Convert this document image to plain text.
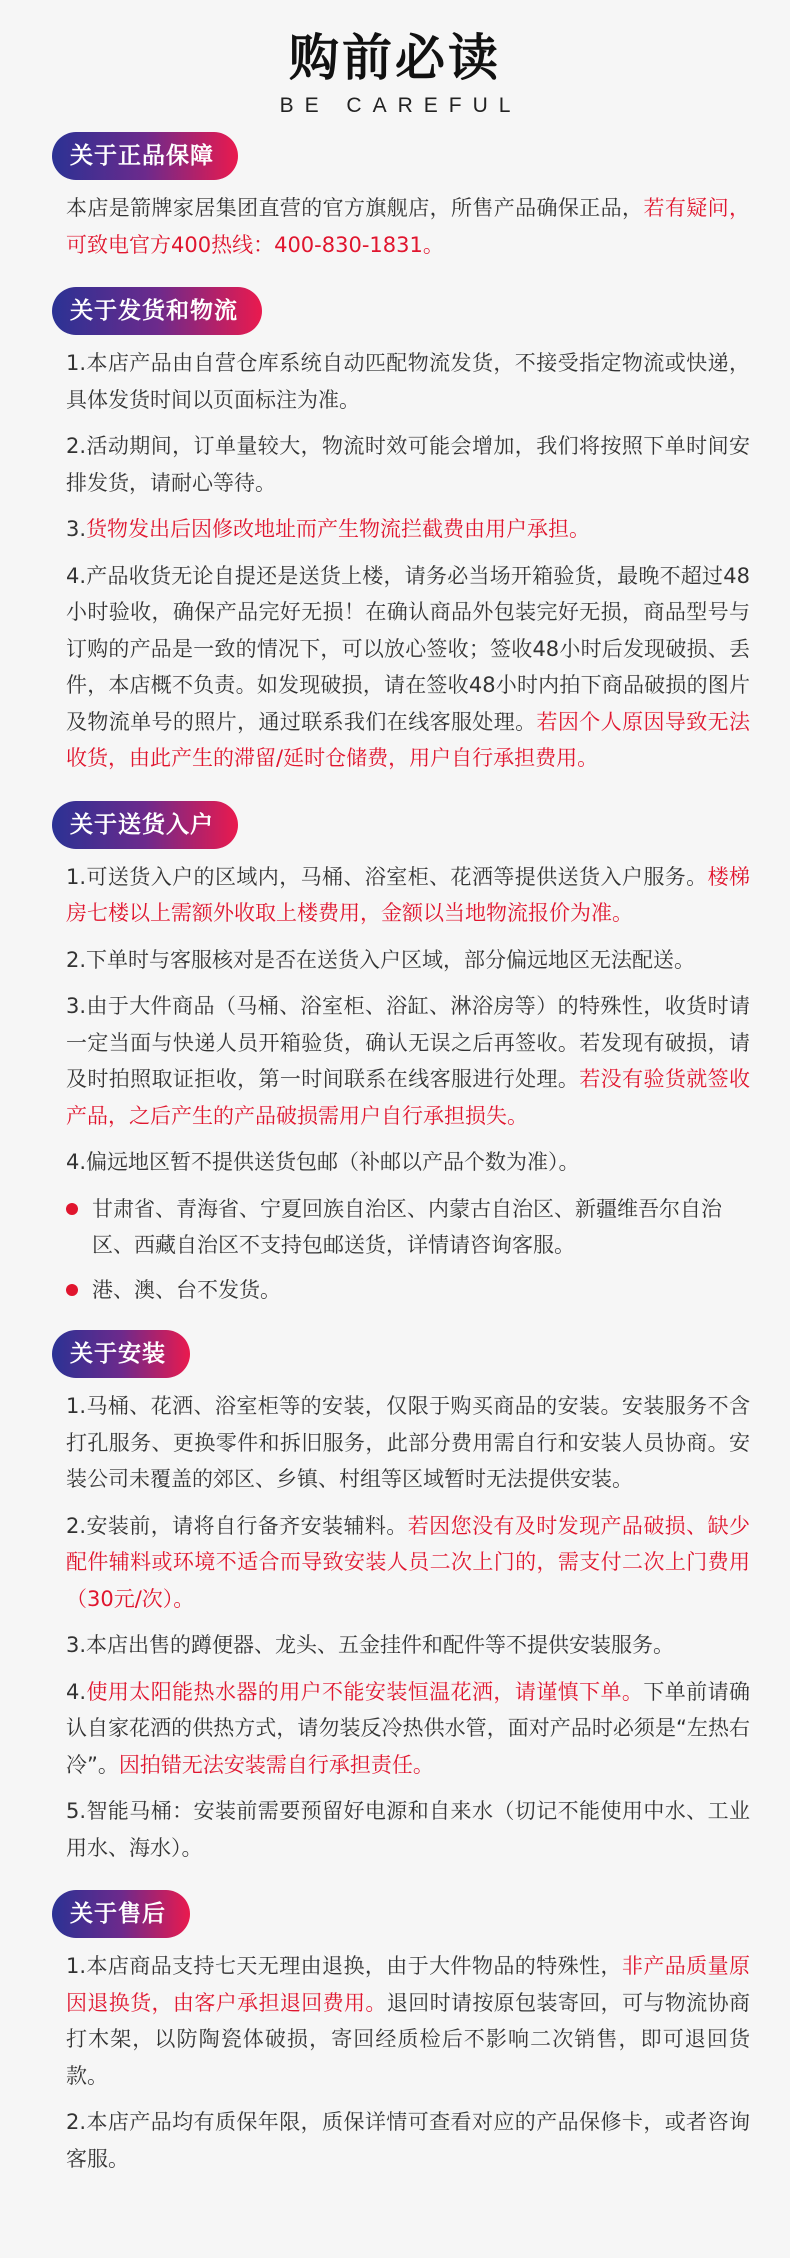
购前必读
BE CAREFUL
关于正品保障
本店是箭牌家居集团直营的官方旗舰店，所售产品确保正品，若有疑问，可致电官方400热线：400-830-1831。
关于发货和物流
1.本店产品由自营仓库系统自动匹配物流发货，不接受指定物流或快递，具体发货时间以页面标注为准。
2.活动期间，订单量较大，物流时效可能会增加，我们将按照下单时间安排发货，请耐心等待。
3.货物发出后因修改地址而产生物流拦截费由用户承担。
4.产品收货无论自提还是送货上楼，请务必当场开箱验货，最晚不超过48小时验收，确保产品完好无损！在确认商品外包装完好无损，商品型号与订购的产品是一致的情况下，可以放心签收；签收48小时后发现破损、丢件，本店概不负责。如发现破损，请在签收48小时内拍下商品破损的图片及物流单号的照片，通过联系我们在线客服处理。若因个人原因导致无法收货，由此产生的滞留/延时仓储费，用户自行承担费用。
关于送货入户
1.可送货入户的区域内，马桶、浴室柜、花洒等提供送货入户服务。楼梯房七楼以上需额外收取上楼费用，金额以当地物流报价为准。
2.下单时与客服核对是否在送货入户区域，部分偏远地区无法配送。
3.由于大件商品（马桶、浴室柜、浴缸、淋浴房等）的特殊性，收货时请一定当面与快递人员开箱验货，确认无误之后再签收。若发现有破损，请及时拍照取证拒收，第一时间联系在线客服进行处理。若没有验货就签收产品，之后产生的产品破损需用户自行承担损失。
4.偏远地区暂不提供送货包邮（补邮以产品个数为准）。
甘肃省、青海省、宁夏回族自治区、内蒙古自治区、新疆维吾尔自治区、西藏自治区不支持包邮送货，详情请咨询客服。
港、澳、台不发货。
关于安装
1.马桶、花洒、浴室柜等的安装，仅限于购买商品的安装。安装服务不含打孔服务、更换零件和拆旧服务，此部分费用需自行和安装人员协商。安装公司未覆盖的郊区、乡镇、村组等区域暂时无法提供安装。
2.安装前，请将自行备齐安装辅料。若因您没有及时发现产品破损、缺少配件辅料或环境不适合而导致安装人员二次上门的，需支付二次上门费用（30元/次）。
3.本店出售的蹲便器、龙头、五金挂件和配件等不提供安装服务。
4.使用太阳能热水器的用户不能安装恒温花洒，请谨慎下单。下单前请确认自家花洒的供热方式，请勿装反冷热供水管，面对产品时必须是“左热右冷”。因拍错无法安装需自行承担责任。
5.智能马桶：安装前需要预留好电源和自来水（切记不能使用中水、工业用水、海水）。
关于售后
1.本店商品支持七天无理由退换，由于大件物品的特殊性，非产品质量原因退换货，由客户承担退回费用。退回时请按原包装寄回，可与物流协商打木架，以防陶瓷体破损，寄回经质检后不影响二次销售，即可退回货款。
2.本店产品均有质保年限，质保详情可查看对应的产品保修卡，或者咨询客服。
